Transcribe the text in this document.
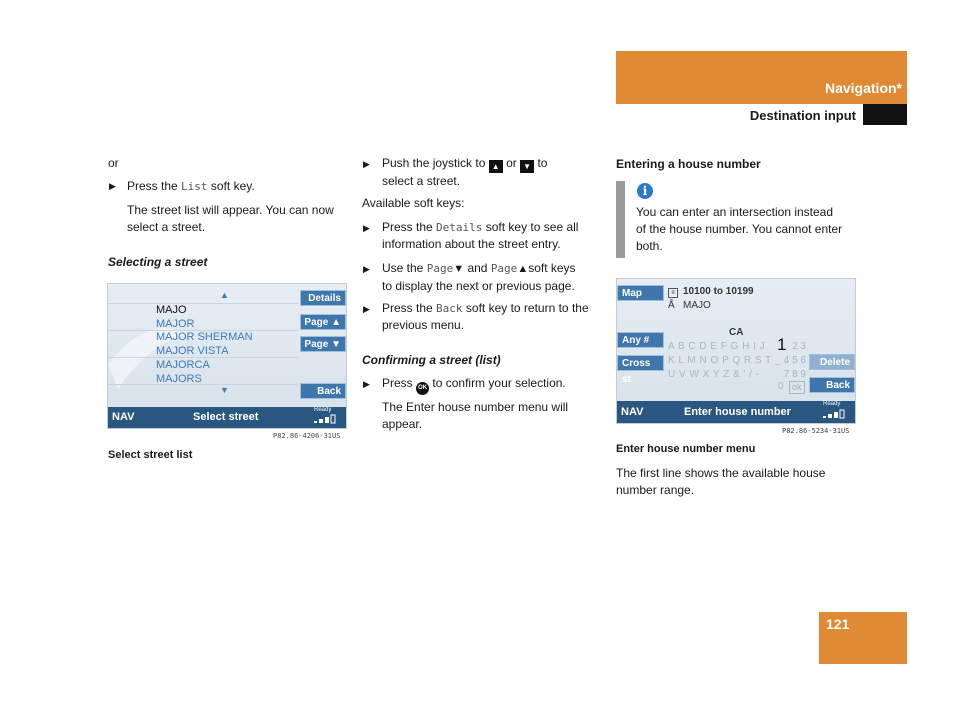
Navigation*
Destination input
or
▶ Press the List soft key.
The street list will appear. You can now select a street.
Selecting a street
▲
▼
MAJO
MAJOR
MAJOR SHERMAN
MAJOR VISTA
MAJORCA
MAJORS
Details
Page ▲
Page ▼
Back
NAV	Select street
Ready
P82.86-4206-31US
Select street list
▶ Push the joystick to ▲ or ▼ to
select a street.
Available soft keys:
▶ Press the Details soft key to see all
information about the street entry.
▶ Use the Page▼ and Page▲soft keys
to display the next or previous page.
▶ Press the Back soft key to return to the
previous menu.
Confirming a street (list)
▶ Press OK to confirm your selection.
The Enter house number menu will
appear.
Entering a house number
i
You can enter an intersection instead
of the house number. You cannot enter
both.
Map
Any #
Cross st
Delete
Back
≡ 10100 to 10199
Å MAJO
CA
A B C D E F G H I J
K L M N O P Q R S T _ ,
U V W X Y Z & ' / -
1 2 3
4 5 6
7 8 9
0 ok
NAV	Enter house number
Ready
P82.86-5234-31US
Enter house number menu
The first line shows the available house
number range.
121
